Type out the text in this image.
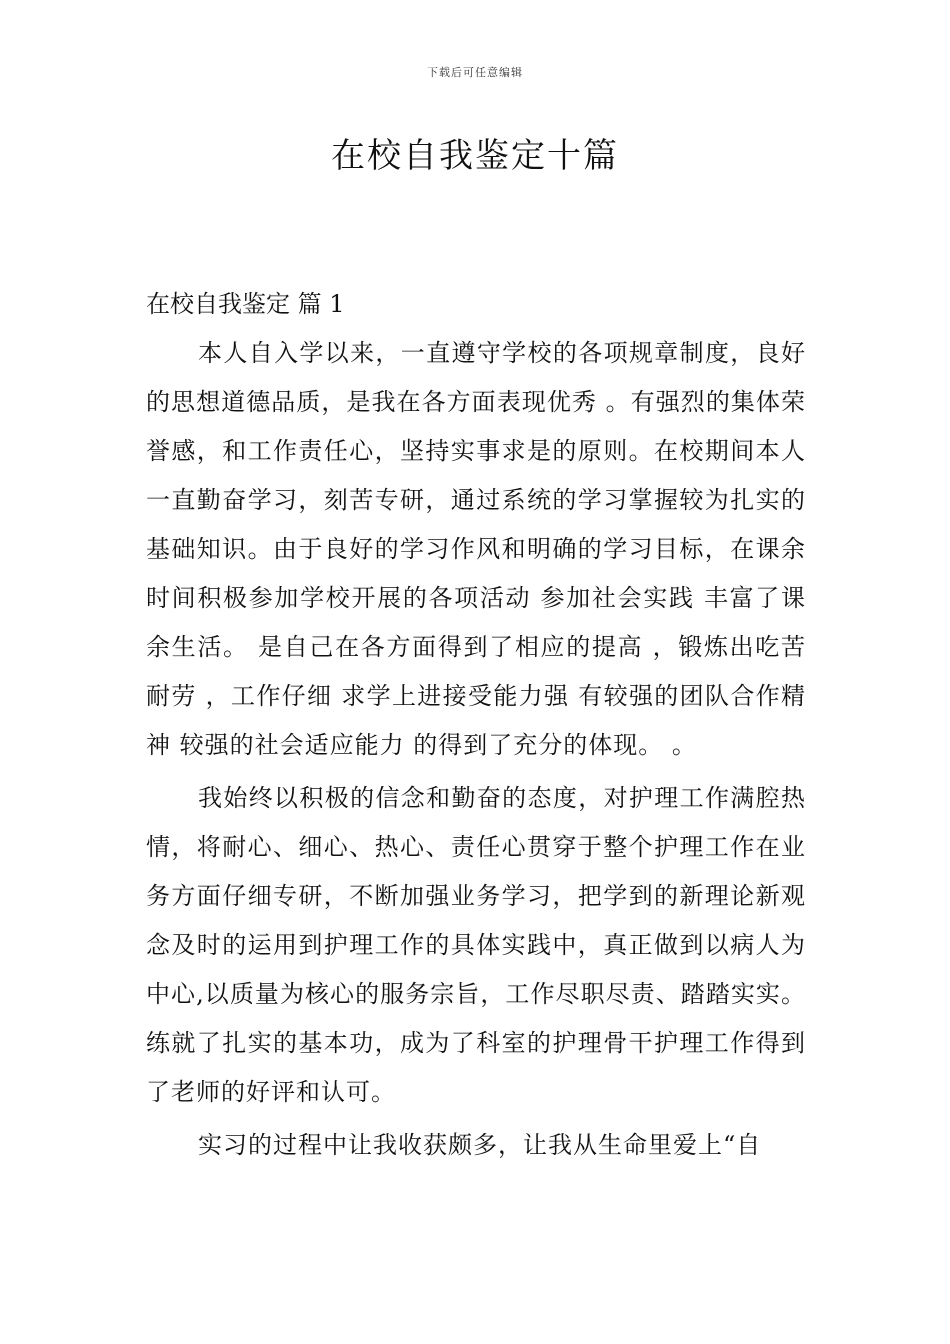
下载后可任意编辑
在校自我鉴定十篇
在校自我鉴定 篇 1

本人自入学以来，一直遵守学校的各项规章制度，良好的思想道德品质，是我在各方面表现优秀 。有强烈的集体荣誉感，和工作责任心，坚持实事求是的原则。在校期间本人一直勤奋学习，刻苦专研，通过系统的学习掌握较为扎实的基础知识。由于良好的学习作风和明确的学习目标，在课余时间积极参加学校开展的各项活动 参加社会实践 丰富了课余生活。 是自己在各方面得到了相应的提高 ，锻炼出吃苦耐劳 ，工作仔细 求学上进接受能力强 有较强的团队合作精神 较强的社会适应能力 的得到了充分的体现。 。

我始终以积极的信念和勤奋的态度，对护理工作满腔热情，将耐心、细心、热心、责任心贯穿于整个护理工作在业务方面仔细专研，不断加强业务学习，把学到的新理论新观念及时的运用到护理工作的具体实践中，真正做到以病人为中心,以质量为核心的服务宗旨，工作尽职尽责、踏踏实实。练就了扎实的基本功，成为了科室的护理骨干护理工作得到了老师的好评和认可。

实习的过程中让我收获颇多，让我从生命里爱上“自
